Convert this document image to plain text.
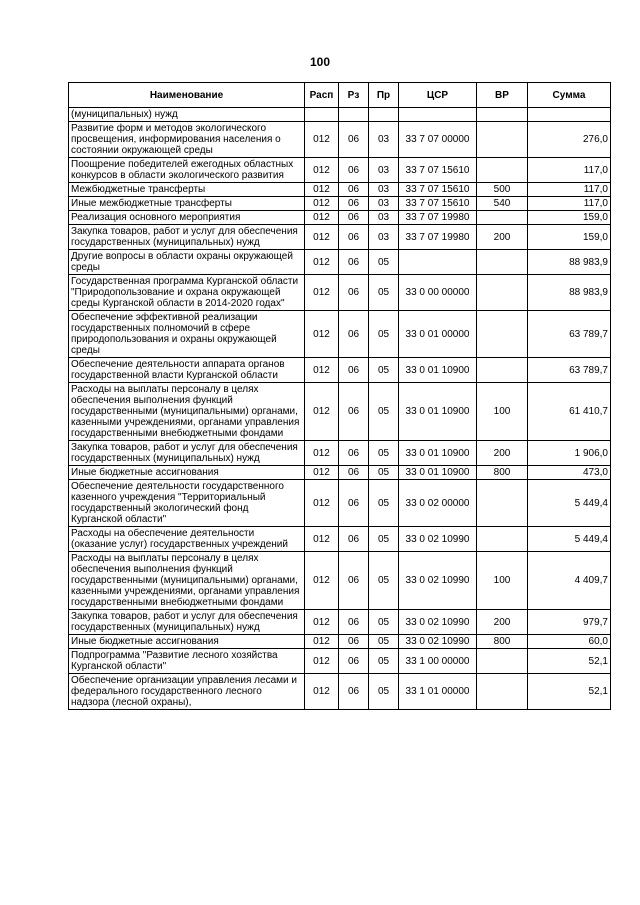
100
Наименование	Расп	Рз	Пр	ЦСР	ВР	Сумма
(муниципальных) нужд						
Развитие форм и методов экологического просвещения, информирования населения о состоянии окружающей среды	012	06	03	33 7 07 00000		276,0
Поощрение победителей ежегодных областных конкурсов в области экологического развития	012	06	03	33 7 07 15610		117,0
Межбюджетные трансферты	012	06	03	33 7 07 15610	500	117,0
Иные межбюджетные трансферты	012	06	03	33 7 07 15610	540	117,0
Реализация основного мероприятия	012	06	03	33 7 07 19980		159,0
Закупка товаров, работ и услуг для обеспечения государственных (муниципальных) нужд	012	06	03	33 7 07 19980	200	159,0
Другие вопросы в области охраны окружающей среды	012	06	05			88 983,9
Государственная программа Курганской области "Природопользование и охрана окружающей среды Курганской области в 2014-2020 годах"	012	06	05	33 0 00 00000		88 983,9
Обеспечение эффективной реализации государственных полномочий в сфере природопользования и охраны окружающей среды	012	06	05	33 0 01 00000		63 789,7
Обеспечение деятельности аппарата органов государственной власти Курганской области	012	06	05	33 0 01 10900		63 789,7
Расходы на выплаты персоналу в целях обеспечения выполнения функций государственными (муниципальными) органами, казенными учреждениями, органами управления государственными внебюджетными фондами	012	06	05	33 0 01 10900	100	61 410,7
Закупка товаров, работ и услуг для обеспечения государственных (муниципальных) нужд	012	06	05	33 0 01 10900	200	1 906,0
Иные бюджетные ассигнования	012	06	05	33 0 01 10900	800	473,0
Обеспечение деятельности государственного казенного учреждения "Территориальный государственный экологический фонд Курганской области"	012	06	05	33 0 02 00000		5 449,4
Расходы на обеспечение деятельности (оказание услуг) государственных учреждений	012	06	05	33 0 02 10990		5 449,4
Расходы на выплаты персоналу в целях обеспечения выполнения функций государственными (муниципальными) органами, казенными учреждениями, органами управления государственными внебюджетными фондами	012	06	05	33 0 02 10990	100	4 409,7
Закупка товаров, работ и услуг для обеспечения государственных (муниципальных) нужд	012	06	05	33 0 02 10990	200	979,7
Иные бюджетные ассигнования	012	06	05	33 0 02 10990	800	60,0
Подпрограмма "Развитие лесного хозяйства Курганской области"	012	06	05	33 1 00 00000		52,1
Обеспечение организации управления лесами и федерального государственного лесного надзора (лесной охраны),	012	06	05	33 1 01 00000		52,1
